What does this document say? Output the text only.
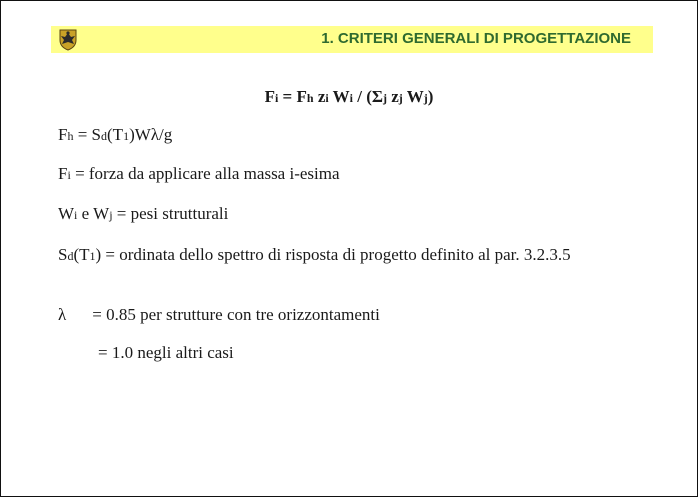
1. CRITERI GENERALI DI PROGETTAZIONE
Fi = Fh zi Wi / (Σj zj Wj)
Fh = Sd(T1)Wλ/g
Fi = forza da applicare alla massa i-esima
Wi e Wj = pesi strutturali
Sd(T1) = ordinata dello spettro di risposta di progetto definito al par. 3.2.3.5
λ = 0.85 per strutture con tre orizzontamenti
= 1.0 negli altri casi
